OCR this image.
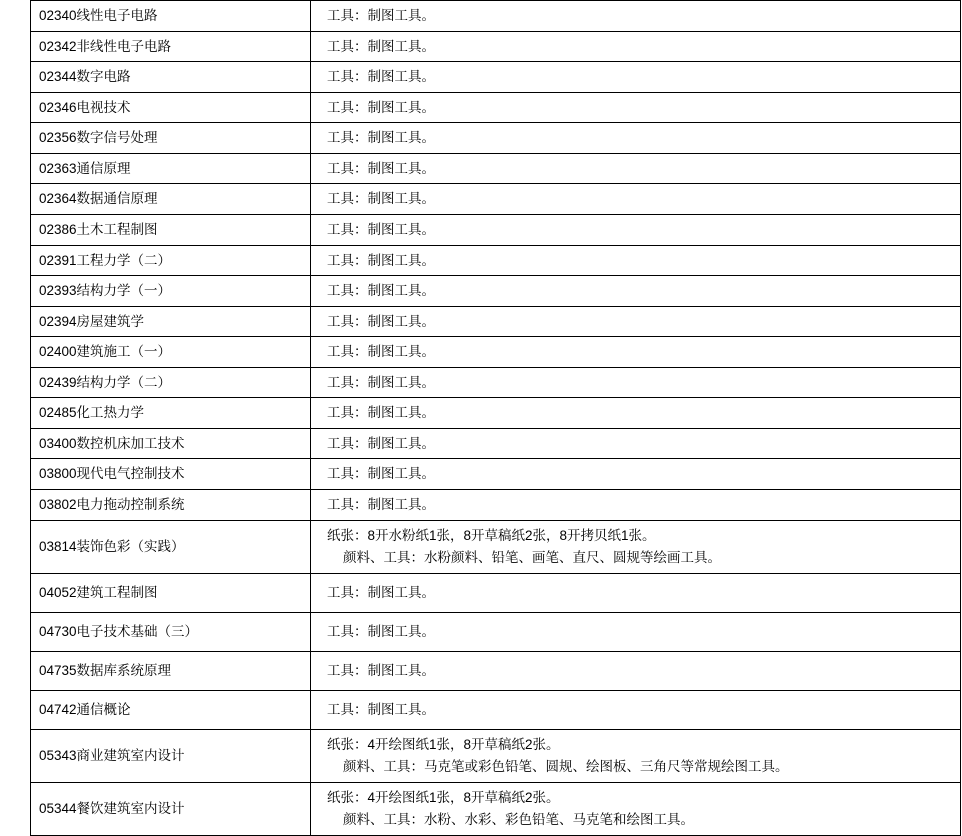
02340线性电子电路	工具：制图工具。

02342非线性电子电路	工具：制图工具。

02344数字电路	工具：制图工具。

02346电视技术	工具：制图工具。

02356数字信号处理	工具：制图工具。

02363通信原理	工具：制图工具。

02364数据通信原理	工具：制图工具。

02386土木工程制图	工具：制图工具。

02391工程力学（二）	工具：制图工具。

02393结构力学（一）	工具：制图工具。

02394房屋建筑学	工具：制图工具。

02400建筑施工（一）	工具：制图工具。

02439结构力学（二）	工具：制图工具。

02485化工热力学	工具：制图工具。

03400数控机床加工技术	工具：制图工具。

03800现代电气控制技术	工具：制图工具。

03802电力拖动控制系统	工具：制图工具。

03814装饰色彩（实践）	纸张：8开水粉纸1张，8开草稿纸2张，8开拷贝纸1张。
颜料、工具：水粉颜料、铅笔、画笔、直尺、圆规等绘画工具。

04052建筑工程制图	工具：制图工具。

04730电子技术基础（三）	工具：制图工具。

04735数据库系统原理	工具：制图工具。

04742通信概论	工具：制图工具。

05343商业建筑室内设计	纸张：4开绘图纸1张，8开草稿纸2张。
颜料、工具：马克笔或彩色铅笔、圆规、绘图板、三角尺等常规绘图工具。

05344餐饮建筑室内设计	纸张：4开绘图纸1张，8开草稿纸2张。
颜料、工具：水粉、水彩、彩色铅笔、马克笔和绘图工具。
